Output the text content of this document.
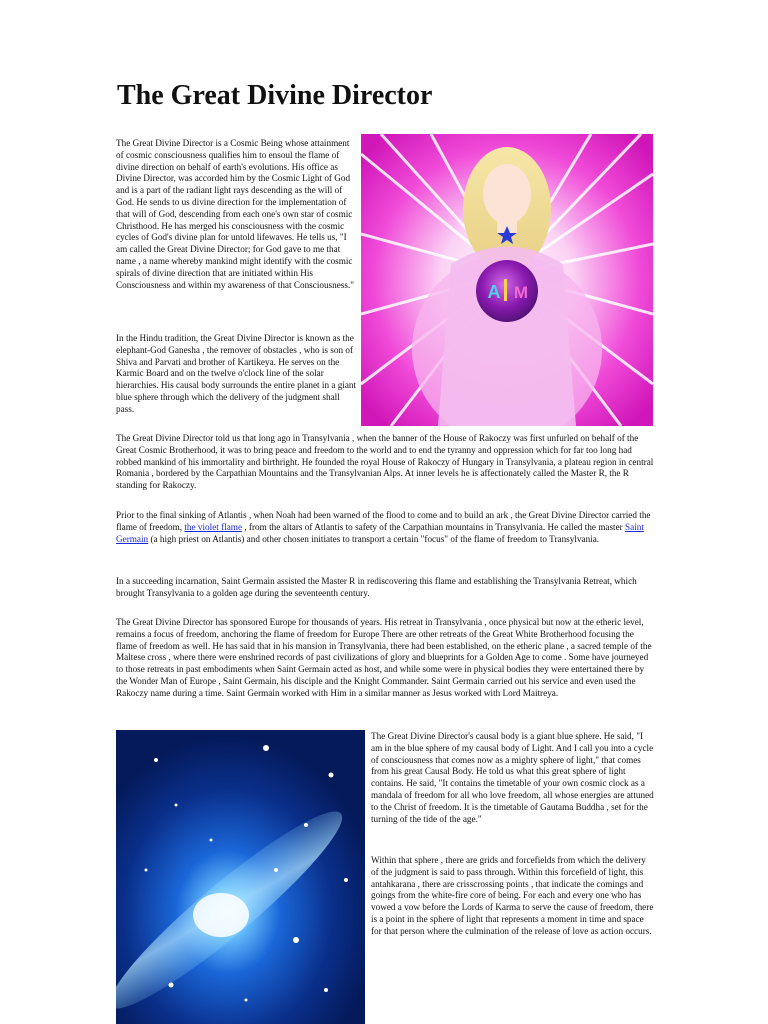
The Great Divine Director

The Great Divine Director is a Cosmic Being whose attainment of cosmic consciousness qualifies him to ensoul the flame of divine direction on behalf of earth's evolutions. His office as Divine Director, was accorded him by the Cosmic Light of God and is a part of the radiant light rays descending as the will of God. He sends to us divine direction for the implementation of that will of God, descending from each one's own star of cosmic Christhood. He has merged his consciousness with the cosmic cycles of God's divine plan for untold lifewaves. He tells us, "I am called the Great Divine Director; for God gave to me that name , a name whereby mankind might identify with the cosmic spirals of divine direction that are initiated within His Consciousness and within my awareness of that Consciousness."

In the Hindu tradition, the Great Divine Director is known as the elephant-God Ganesha , the remover of obstacles , who is son of Shiva and Parvati and brother of Kartikeya. He serves on the Karmic Board and on the twelve o'clock line of the solar hierarchies. His causal body surrounds the entire planet in a giant blue sphere through which the delivery of the judgment shall pass.

A M

The Great Divine Director told us that long ago in Transylvania , when the banner of the House of Rakoczy was first unfurled on behalf of the Great Cosmic Brotherhood, it was to bring peace and freedom to the world and to end the tyranny and oppression which for far too long had robbed mankind of his immortality and birthright. He founded the royal House of Rakoczy of Hungary in Transylvania, a plateau region in central Romania , bordered by the Carpathian Mountains and the Transylvanian Alps. At inner levels he is affectionately called the Master R, the R standing for Rakoczy.

Prior to the final sinking of Atlantis , when Noah had been warned of the flood to come and to build an ark , the Great Divine Director carried the flame of freedom, the violet flame , from the altars of Atlantis to safety of the Carpathian mountains in Transylvania. He called the master Saint Germain (a high priest on Atlantis) and other chosen initiates to transport a certain "focus" of the flame of freedom to Transylvania.

In a succeeding incarnation, Saint Germain assisted the Master R in rediscovering this flame and establishing the Transylvania Retreat, which brought Transylvania to a golden age during the seventeenth century.

The Great Divine Director has sponsored Europe for thousands of years. His retreat in Transylvania , once physical but now at the etheric level, remains a focus of freedom, anchoring the flame of freedom for Europe There are other retreats of the Great White Brotherhood focusing the flame of freedom as well. He has said that in his mansion in Transylvania, there had been established, on the etheric plane , a sacred temple of the Maltese cross , where there were enshrined records of past civilizations of glory and blueprints for a Golden Age to come . Some have journeyed to those retreats in past embodiments when Saint Germain acted as host, and while some were in physical bodies they were entertained there by the Wonder Man of Europe , Saint Germain, his disciple and the Knight Commander. Saint Germain carried out his service and even used the Rakoczy name during a time. Saint Germain worked with Him in a similar manner as Jesus worked with Lord Maitreya.

The Great Divine Director's causal body is a giant blue sphere. He said, "I am in the blue sphere of my causal body of Light. And I call you into a cycle of consciousness that comes now as a mighty sphere of light," that comes from his great Causal Body. He told us what this great sphere of light contains. He said, "It contains the timetable of your own cosmic clock as a mandala of freedom for all who love freedom, all whose energies are attuned to the Christ of freedom. It is the timetable of Gautama Buddha , set for the turning of the tide of the age."

Within that sphere , there are grids and forcefields from which the delivery of the judgment is said to pass through. Within this forcefield of light, this antahkarana , there are crisscrossing points , that indicate the comings and goings from the white-fire core of being. For each and every one who has vowed a vow before the Lords of Karma to serve the cause of freedom, there is a point in the sphere of light that represents a moment in time and space for that person where the culmination of the release of love as action occurs.
